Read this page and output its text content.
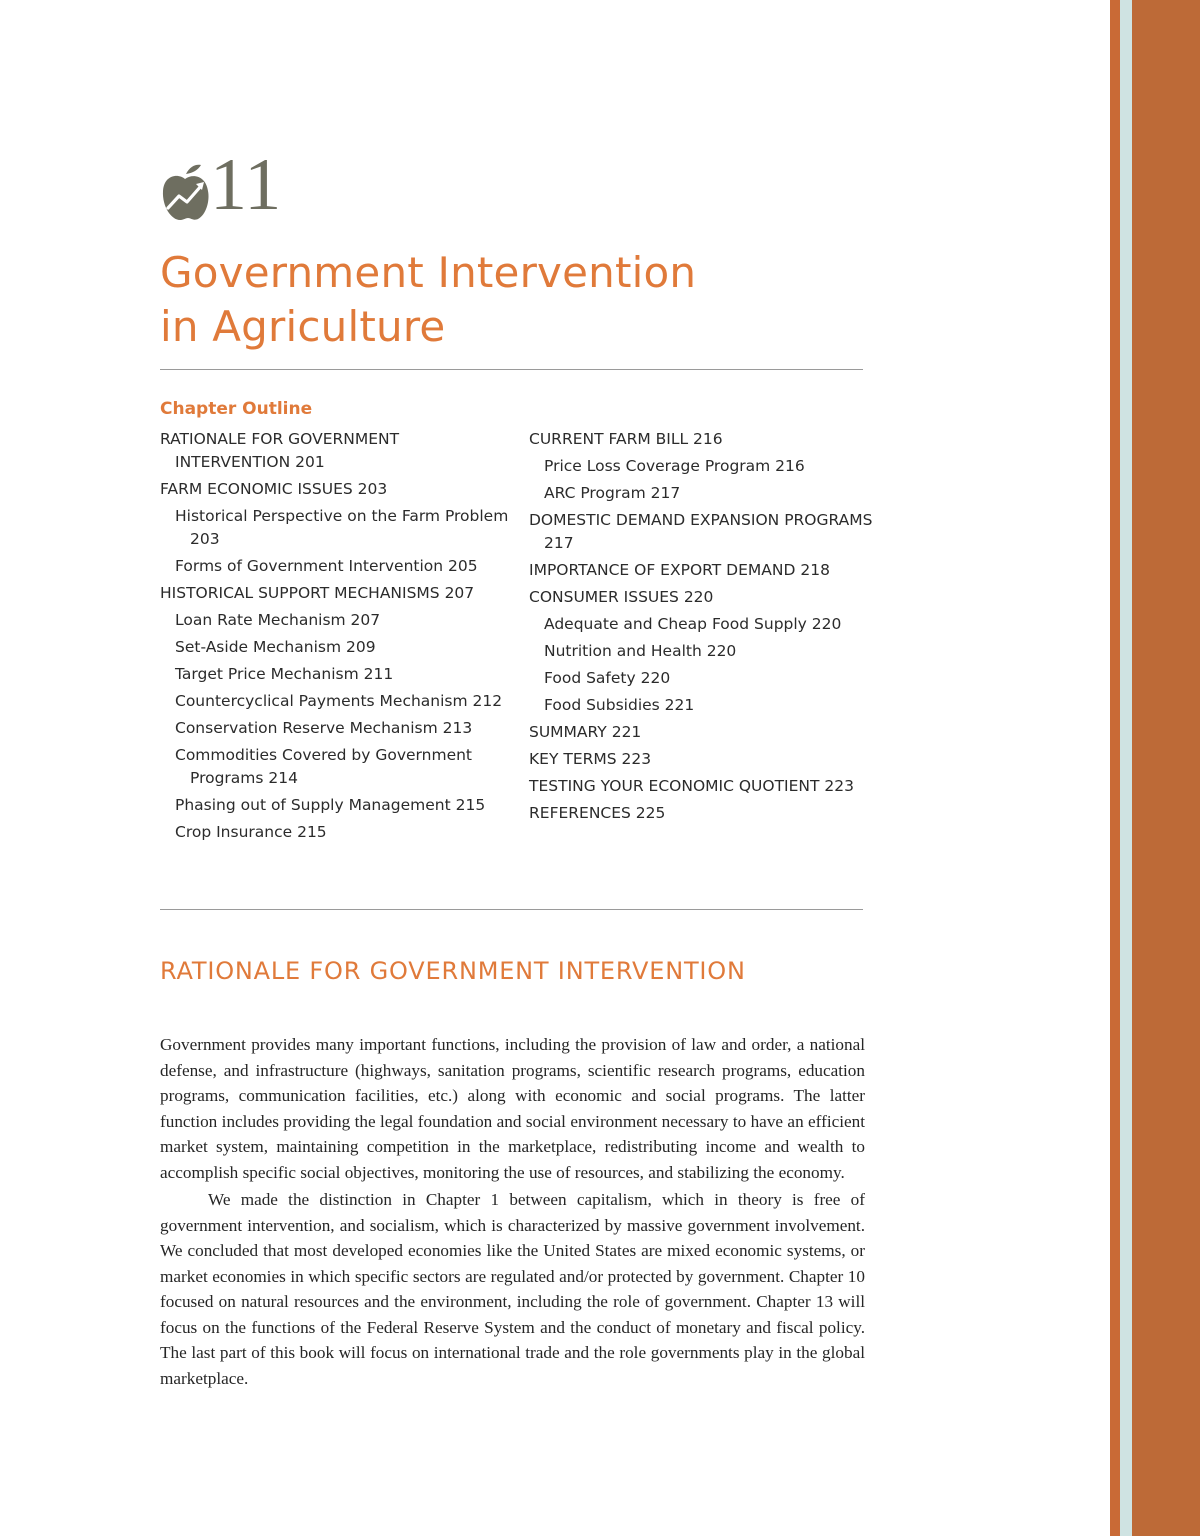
11
Government Intervention
in Agriculture
Chapter Outline
RATIONALE FOR GOVERNMENT INTERVENTION 201
FARM ECONOMIC ISSUES 203
Historical Perspective on the Farm Problem 203
Forms of Government Intervention 205
HISTORICAL SUPPORT MECHANISMS 207
Loan Rate Mechanism 207
Set-Aside Mechanism 209
Target Price Mechanism 211
Countercyclical Payments Mechanism 212
Conservation Reserve Mechanism 213
Commodities Covered by Government Programs 214
Phasing out of Supply Management 215
Crop Insurance 215
CURRENT FARM BILL 216
Price Loss Coverage Program 216
ARC Program 217
DOMESTIC DEMAND EXPANSION PROGRAMS 217
IMPORTANCE OF EXPORT DEMAND 218
CONSUMER ISSUES 220
Adequate and Cheap Food Supply 220
Nutrition and Health 220
Food Safety 220
Food Subsidies 221
SUMMARY 221
KEY TERMS 223
TESTING YOUR ECONOMIC QUOTIENT 223
REFERENCES 225
RATIONALE FOR GOVERNMENT INTERVENTION

Government provides many important functions, including the provision of law and order, a national defense, and infrastructure (highways, sanitation programs, scientific research programs, education programs, communication facilities, etc.) along with economic and social programs. The latter function includes providing the legal foundation and social environment necessary to have an efficient market system, maintaining competition in the marketplace, redistributing income and wealth to accomplish specific social objectives, monitoring the use of resources, and stabilizing the economy.

We made the distinction in Chapter 1 between capitalism, which in theory is free of government intervention, and socialism, which is characterized by massive government involvement. We concluded that most developed economies like the United States are mixed economic systems, or market economies in which specific sectors are regulated and/or protected by government. Chapter 10 focused on natural resources and the environment, including the role of government. Chapter 13 will focus on the functions of the Federal Reserve System and the conduct of monetary and fiscal policy. The last part of this book will focus on international trade and the role governments play in the global marketplace.
